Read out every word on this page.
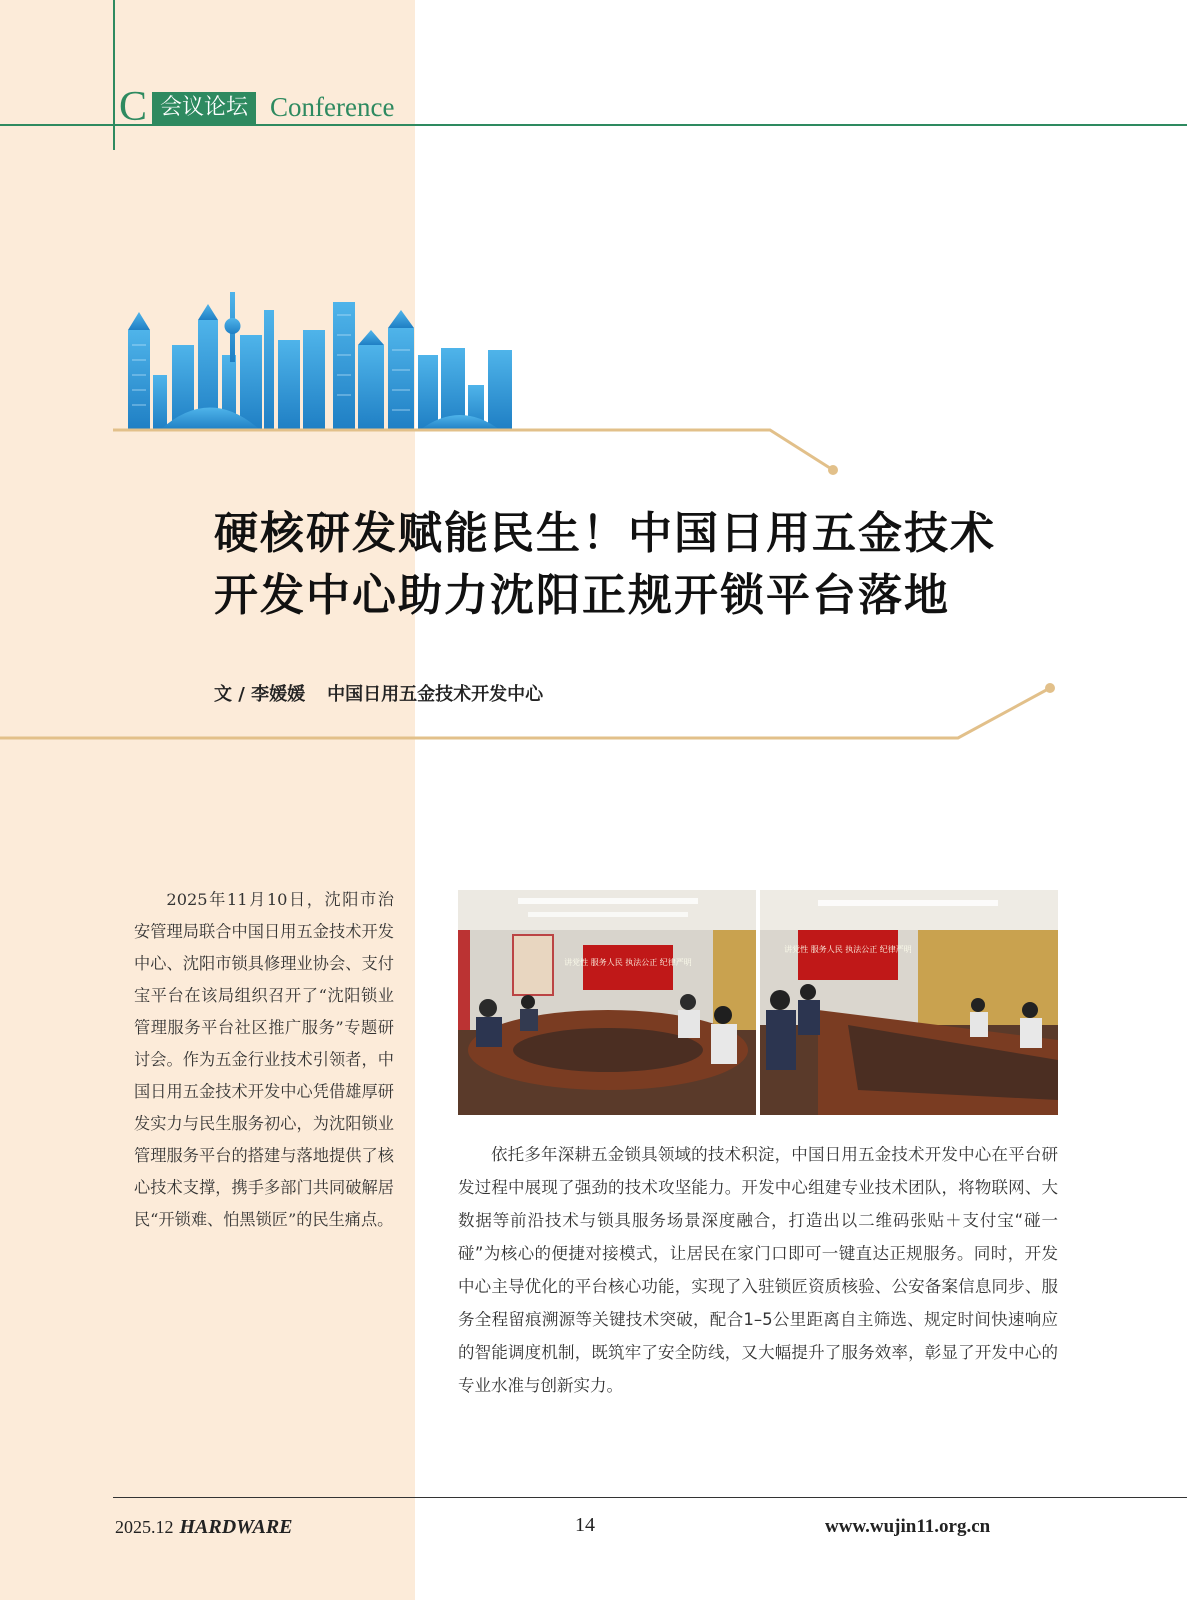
C 会议论坛 Conference
硬核研发赋能民生！中国日用五金技术
开发中心助力沈阳正规开锁平台落地
文 / 李媛媛 中国日用五金技术开发中心
2025年11月10日，沈阳市治安管理局联合中国日用五金技术开发中心、沈阳市锁具修理业协会、支付宝平台在该局组织召开了“沈阳锁业管理服务平台社区推广服务”专题研讨会。作为五金行业技术引领者，中国日用五金技术开发中心凭借雄厚研发实力与民生服务初心，为沈阳锁业管理服务平台的搭建与落地提供了核心技术支撑，携手多部门共同破解居民“开锁难、怕黑锁匠”的民生痛点。
讲党性 服务人民 执法公正 纪律严明
讲党性 服务人民 执法公正 纪律严明
依托多年深耕五金锁具领域的技术积淀，中国日用五金技术开发中心在平台研发过程中展现了强劲的技术攻坚能力。开发中心组建专业技术团队，将物联网、大数据等前沿技术与锁具服务场景深度融合，打造出以二维码张贴＋支付宝“碰一碰”为核心的便捷对接模式，让居民在家门口即可一键直达正规服务。同时，开发中心主导优化的平台核心功能，实现了入驻锁匠资质核验、公安备案信息同步、服务全程留痕溯源等关键技术突破，配合1–5公里距离自主筛选、规定时间快速响应的智能调度机制，既筑牢了安全防线，又大幅提升了服务效率，彰显了开发中心的专业水准与创新实力。
2025.12 HARDWARE	14	www.wujin11.org.cn
